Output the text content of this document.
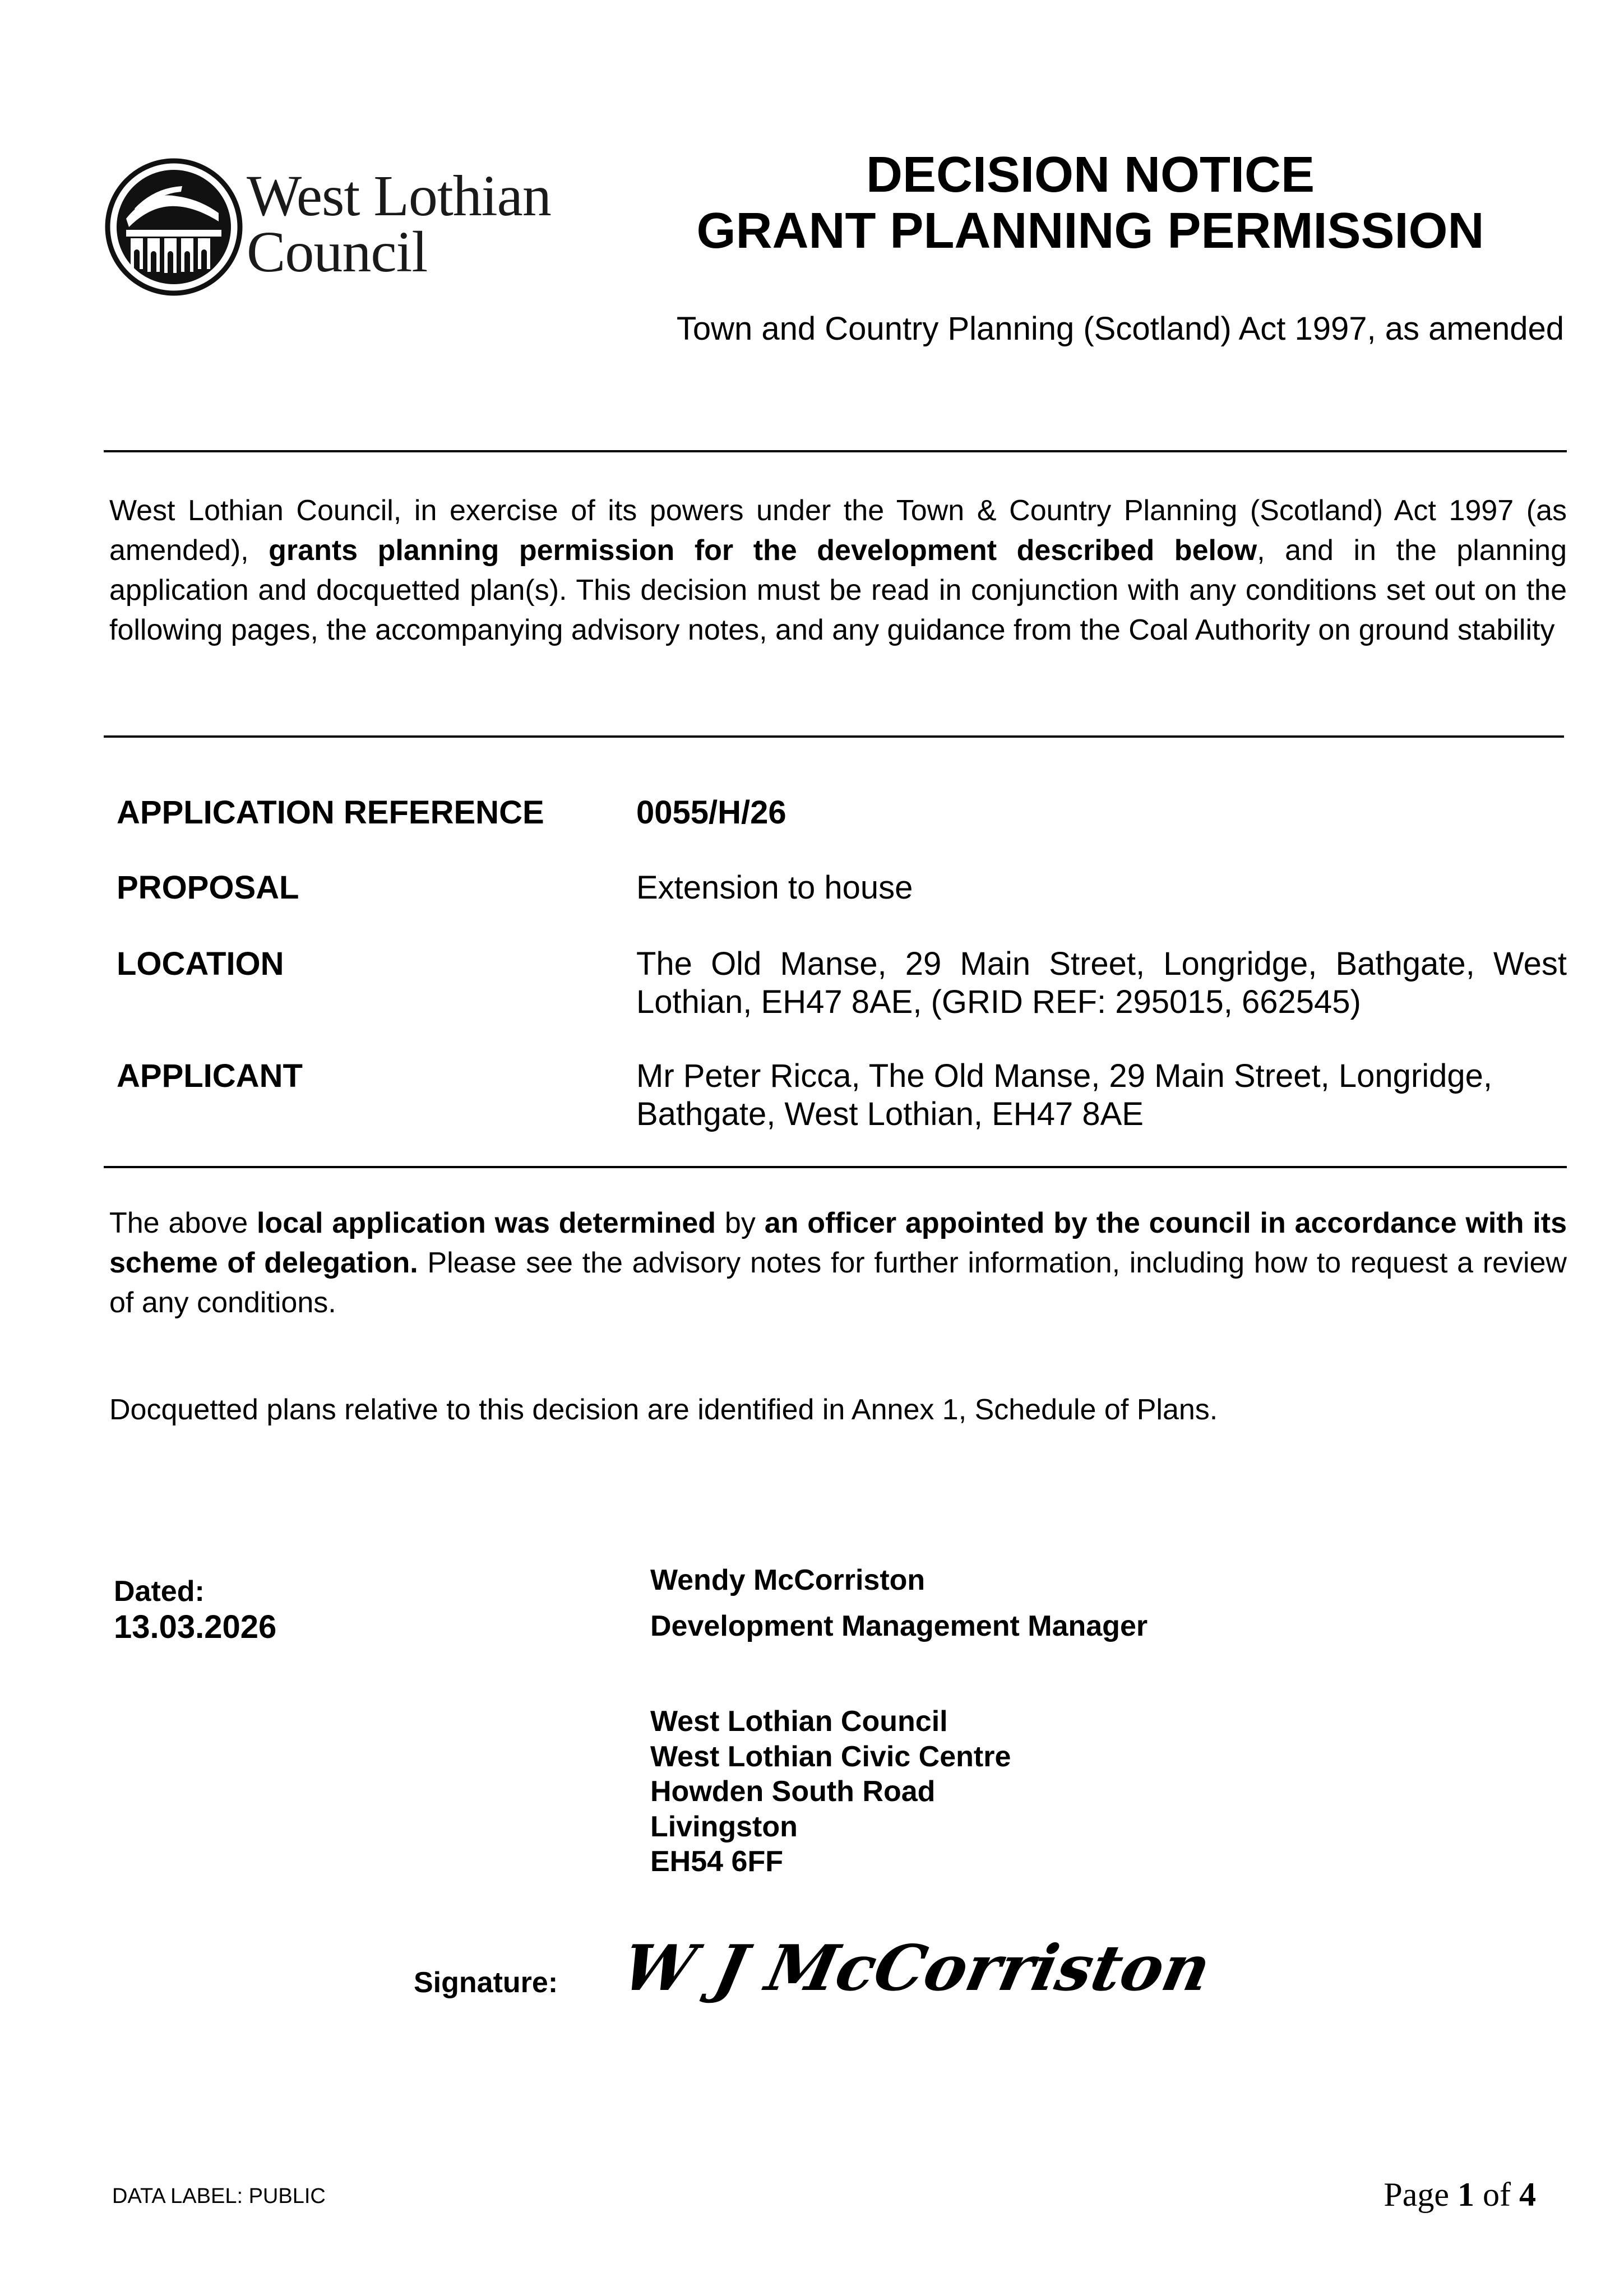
West Lothian
Council
DECISION NOTICE
GRANT PLANNING PERMISSION
Town and Country Planning (Scotland) Act 1997, as amended
West Lothian Council, in exercise of its powers under the Town & Country Planning (Scotland) Act 1997 (as amended), grants planning permission for the development described below, and in the planning application and docquetted plan(s). This decision must be read in conjunction with any conditions set out on the following pages, the accompanying advisory notes, and any guidance from the Coal Authority on ground stability
APPLICATION REFERENCE	0055/H/26
PROPOSAL	Extension to house
LOCATION	The Old Manse, 29 Main Street, Longridge, Bathgate, West Lothian, EH47 8AE, (GRID REF: 295015, 662545)
APPLICANT	Mr Peter Ricca, The Old Manse, 29 Main Street, Longridge, Bathgate, West Lothian, EH47 8AE
The above local application was determined by an officer appointed by the council in accordance with its scheme of delegation. Please see the advisory notes for further information, including how to request a review of any conditions.
Docquetted plans relative to this decision are identified in Annex 1, Schedule of Plans.
Dated:
13.03.2026
Wendy McCorriston
Development Management Manager
West Lothian Council
West Lothian Civic Centre
Howden South Road
Livingston
EH54 6FF
Signature: W J McCorriston
DATA LABEL: PUBLIC	Page 1 of 4
